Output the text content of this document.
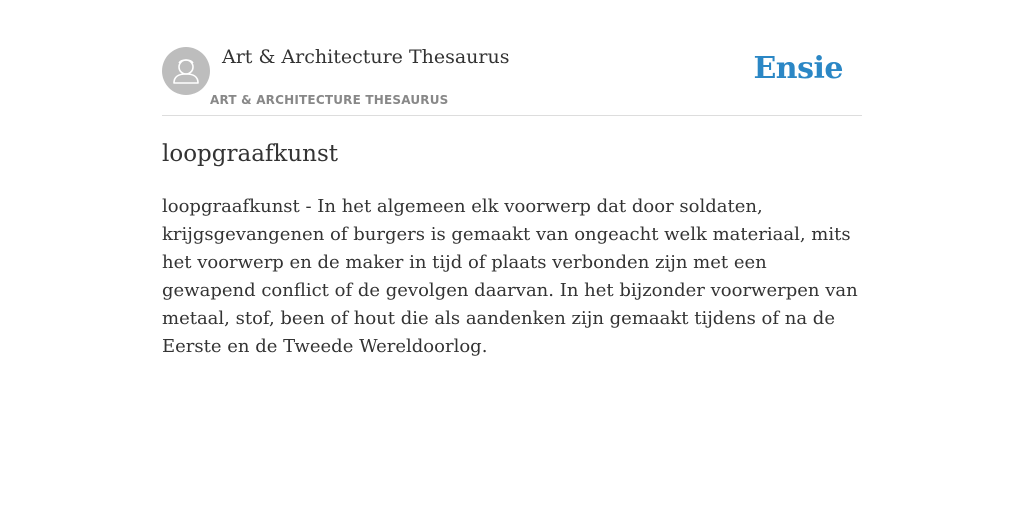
Art & Architecture Thesaurus
ART & ARCHITECTURE THESAURUS
Ensie
loopgraafkunst

loopgraafkunst - In het algemeen elk voorwerp dat door soldaten, krijgsgevangenen of burgers is gemaakt van ongeacht welk materiaal, mits het voorwerp en de maker in tijd of plaats verbonden zijn met een gewapend conflict of de gevolgen daarvan. In het bijzonder voorwerpen van metaal, stof, been of hout die als aandenken zijn gemaakt tijdens of na de Eerste en de Tweede Wereldoorlog.
